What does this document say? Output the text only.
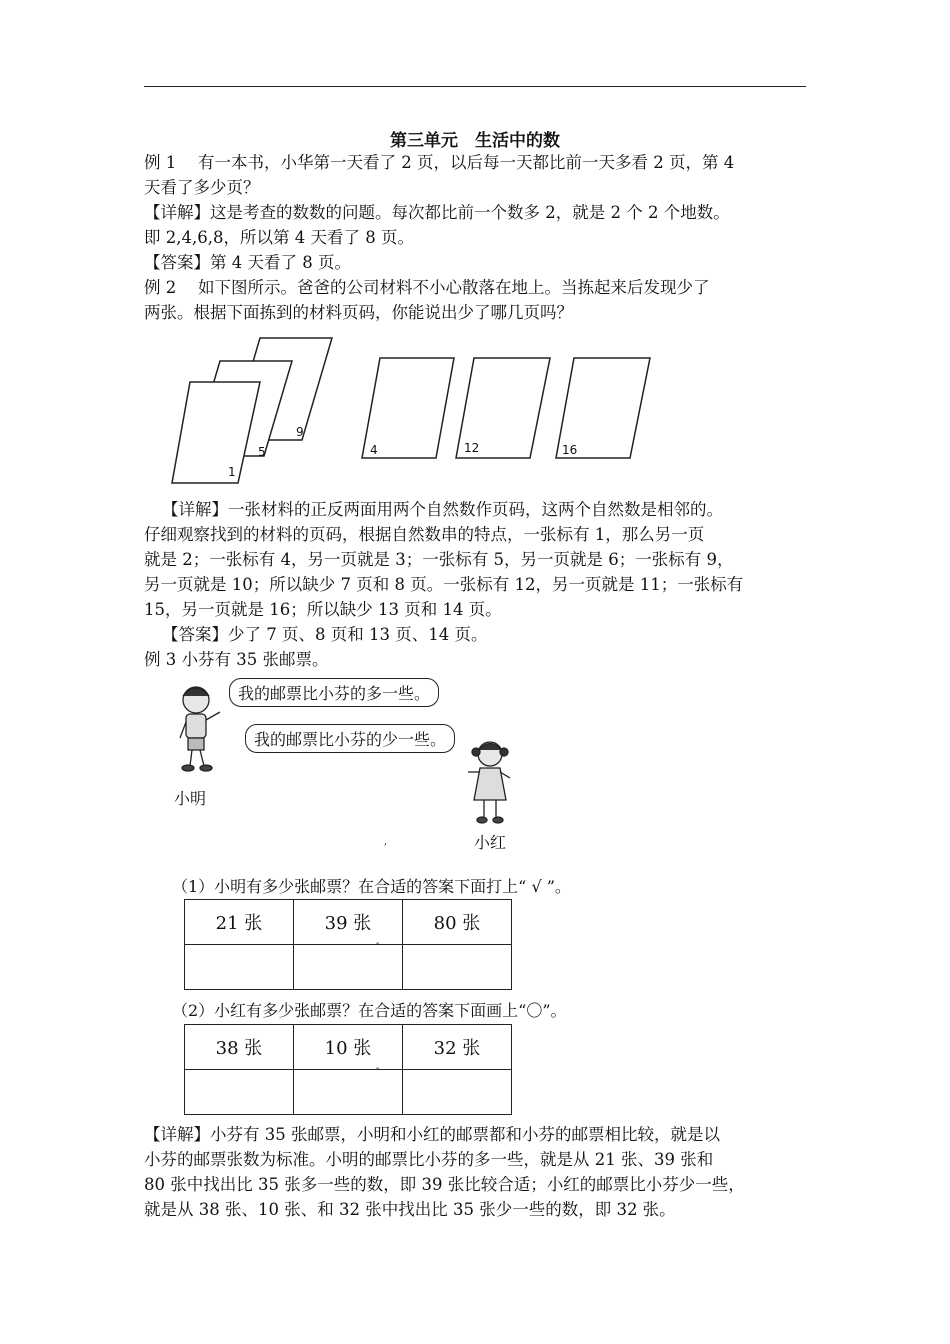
第三单元　生活中的数
例 1　 有一本书，小华第一天看了 2 页，以后每一天都比前一天多看 2 页，第 4
天看了多少页？
【详解】这是考查的数数的问题。每次都比前一个数多 2，就是 2 个 2 个地数。
即 2,4,6,8，所以第 4 天看了 8 页。
【答案】第 4 天看了 8 页。
例 2　 如下图所示。爸爸的公司材料不小心散落在地上。当拣起来后发现少了
两张。根据下面拣到的材料页码，你能说出少了哪几页吗？
1
5
9
4	12	16
【详解】一张材料的正反两面用两个自然数作页码，这两个自然数是相邻的。
仔细观察找到的材料的页码，根据自然数串的特点，一张标有 1，那么另一页
就是 2；一张标有 4，另一页就是 3；一张标有 5，另一页就是 6；一张标有 9，
另一页就是 10；所以缺少 7 页和 8 页。一张标有 12，另一页就是 11；一张标有
15，另一页就是 16；所以缺少 13 页和 14 页。
【答案】少了 7 页、8 页和 13 页、14 页。
例 3 小芬有 35 张邮票。
我的邮票比小芬的多一些。
我的邮票比小芬的少一些。
小明
小红
,
（1）小明有多少张邮票？在合适的答案下面打上“ √ ”。
21 张	39 张	80 张

-
（2）小红有多少张邮票？在合适的答案下面画上“〇”。
38 张	10 张	32 张

-
【详解】小芬有 35 张邮票，小明和小红的邮票都和小芬的邮票相比较，就是以
小芬的邮票张数为标准。小明的邮票比小芬的多一些，就是从 21 张、39 张和
80 张中找出比 35 张多一些的数，即 39 张比较合适；小红的邮票比小芬少一些，
就是从 38 张、10 张、和 32 张中找出比 35 张少一些的数，即 32 张。
